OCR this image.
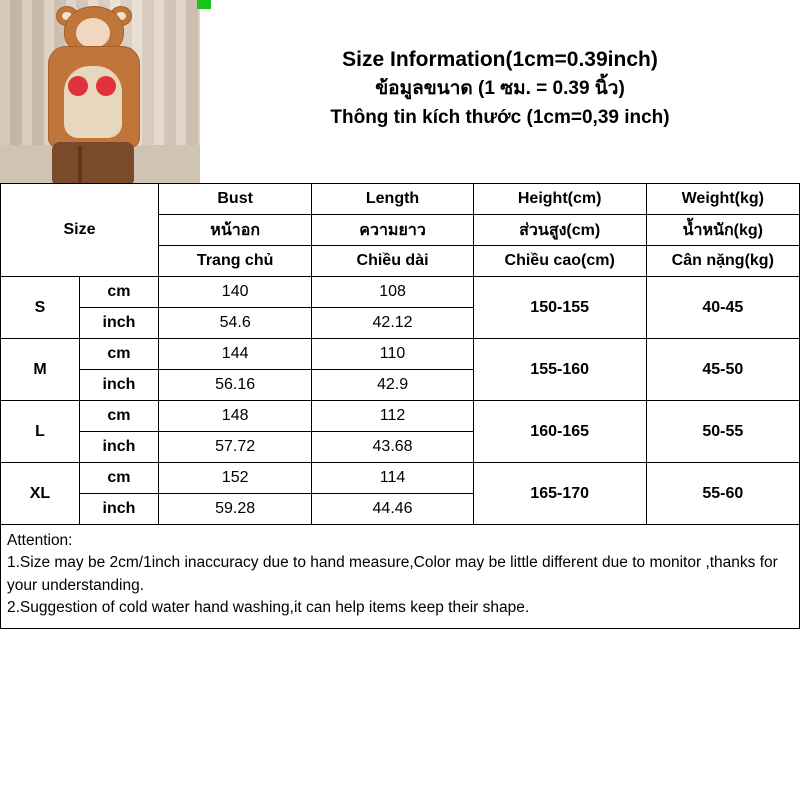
Size Information(1cm=0.39inch)
ข้อมูลขนาด (1 ซม. = 0.39 นิ้ว)
Thông tin kích thước (1cm=0,39 inch)
Size		Bust	Length	Height(cm)	Weight(kg)
		หน้าอก	ความยาว	ส่วนสูง(cm)	น้ำหนัก(kg)
		Trang chủ	Chiều dài	Chiều cao(cm)	Cân nặng(kg)
S	cm	140	108	150-155	40-45
	inch	54.6	42.12		
M	cm	144	110	155-160	45-50
	inch	56.16	42.9		
L	cm	148	112	160-165	50-55
	inch	57.72	43.68		
XL	cm	152	114	165-170	55-60
	inch	59.28	44.46		

Attention:

1.Size may be 2cm/1inch inaccuracy due to hand measure,Color may be little different due to monitor ,thanks for your understanding.

2.Suggestion of cold water hand washing,it can help items keep their shape.
